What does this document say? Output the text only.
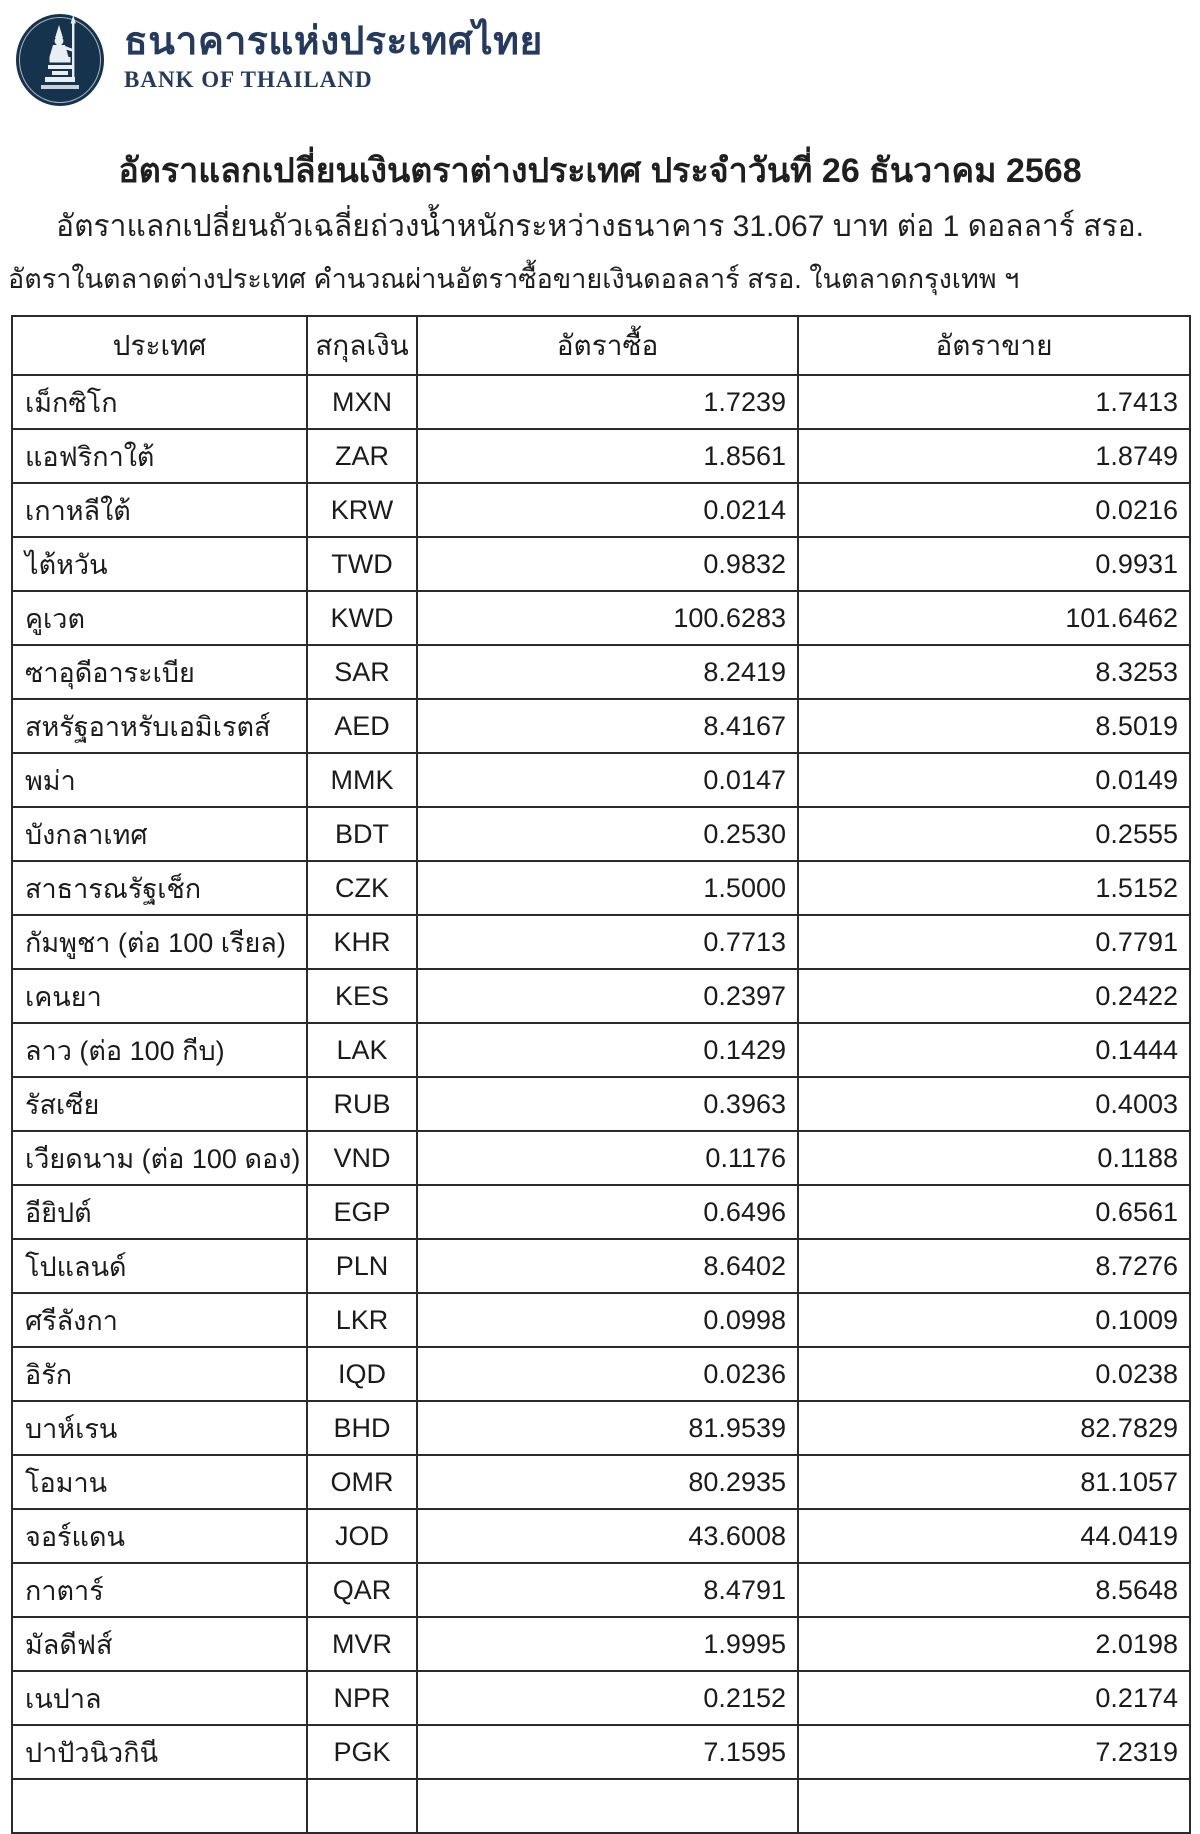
ธนาคารแห่งประเทศไทย
BANK OF THAILAND
อัตราแลกเปลี่ยนเงินตราต่างประเทศ ประจำวันที่ 26 ธันวาคม 2568
อัตราแลกเปลี่ยนถัวเฉลี่ยถ่วงน้ำหนักระหว่างธนาคาร 31.067 บาท ต่อ 1 ดอลลาร์ สรอ.
อัตราในตลาดต่างประเทศ คำนวณผ่านอัตราซื้อขายเงินดอลลาร์ สรอ. ในตลาดกรุงเทพ ฯ
ประเทศ	สกุลเงิน	อัตราซื้อ	อัตราขาย
เม็กซิโก	MXN	1.7239	1.7413
แอฟริกาใต้	ZAR	1.8561	1.8749
เกาหลีใต้	KRW	0.0214	0.0216
ไต้หวัน	TWD	0.9832	0.9931
คูเวต	KWD	100.6283	101.6462
ซาอุดีอาระเบีย	SAR	8.2419	8.3253
สหรัฐอาหรับเอมิเรตส์	AED	8.4167	8.5019
พม่า	MMK	0.0147	0.0149
บังกลาเทศ	BDT	0.2530	0.2555
สาธารณรัฐเช็ก	CZK	1.5000	1.5152
กัมพูชา (ต่อ 100 เรียล)	KHR	0.7713	0.7791
เคนยา	KES	0.2397	0.2422
ลาว (ต่อ 100 กีบ)	LAK	0.1429	0.1444
รัสเซีย	RUB	0.3963	0.4003
เวียดนาม (ต่อ 100 ดอง)	VND	0.1176	0.1188
อียิปต์	EGP	0.6496	0.6561
โปแลนด์	PLN	8.6402	8.7276
ศรีลังกา	LKR	0.0998	0.1009
อิรัก	IQD	0.0236	0.0238
บาห์เรน	BHD	81.9539	82.7829
โอมาน	OMR	80.2935	81.1057
จอร์แดน	JOD	43.6008	44.0419
กาตาร์	QAR	8.4791	8.5648
มัลดีฟส์	MVR	1.9995	2.0198
เนปาล	NPR	0.2152	0.2174
ปาปัวนิวกินี	PGK	7.1595	7.2319
